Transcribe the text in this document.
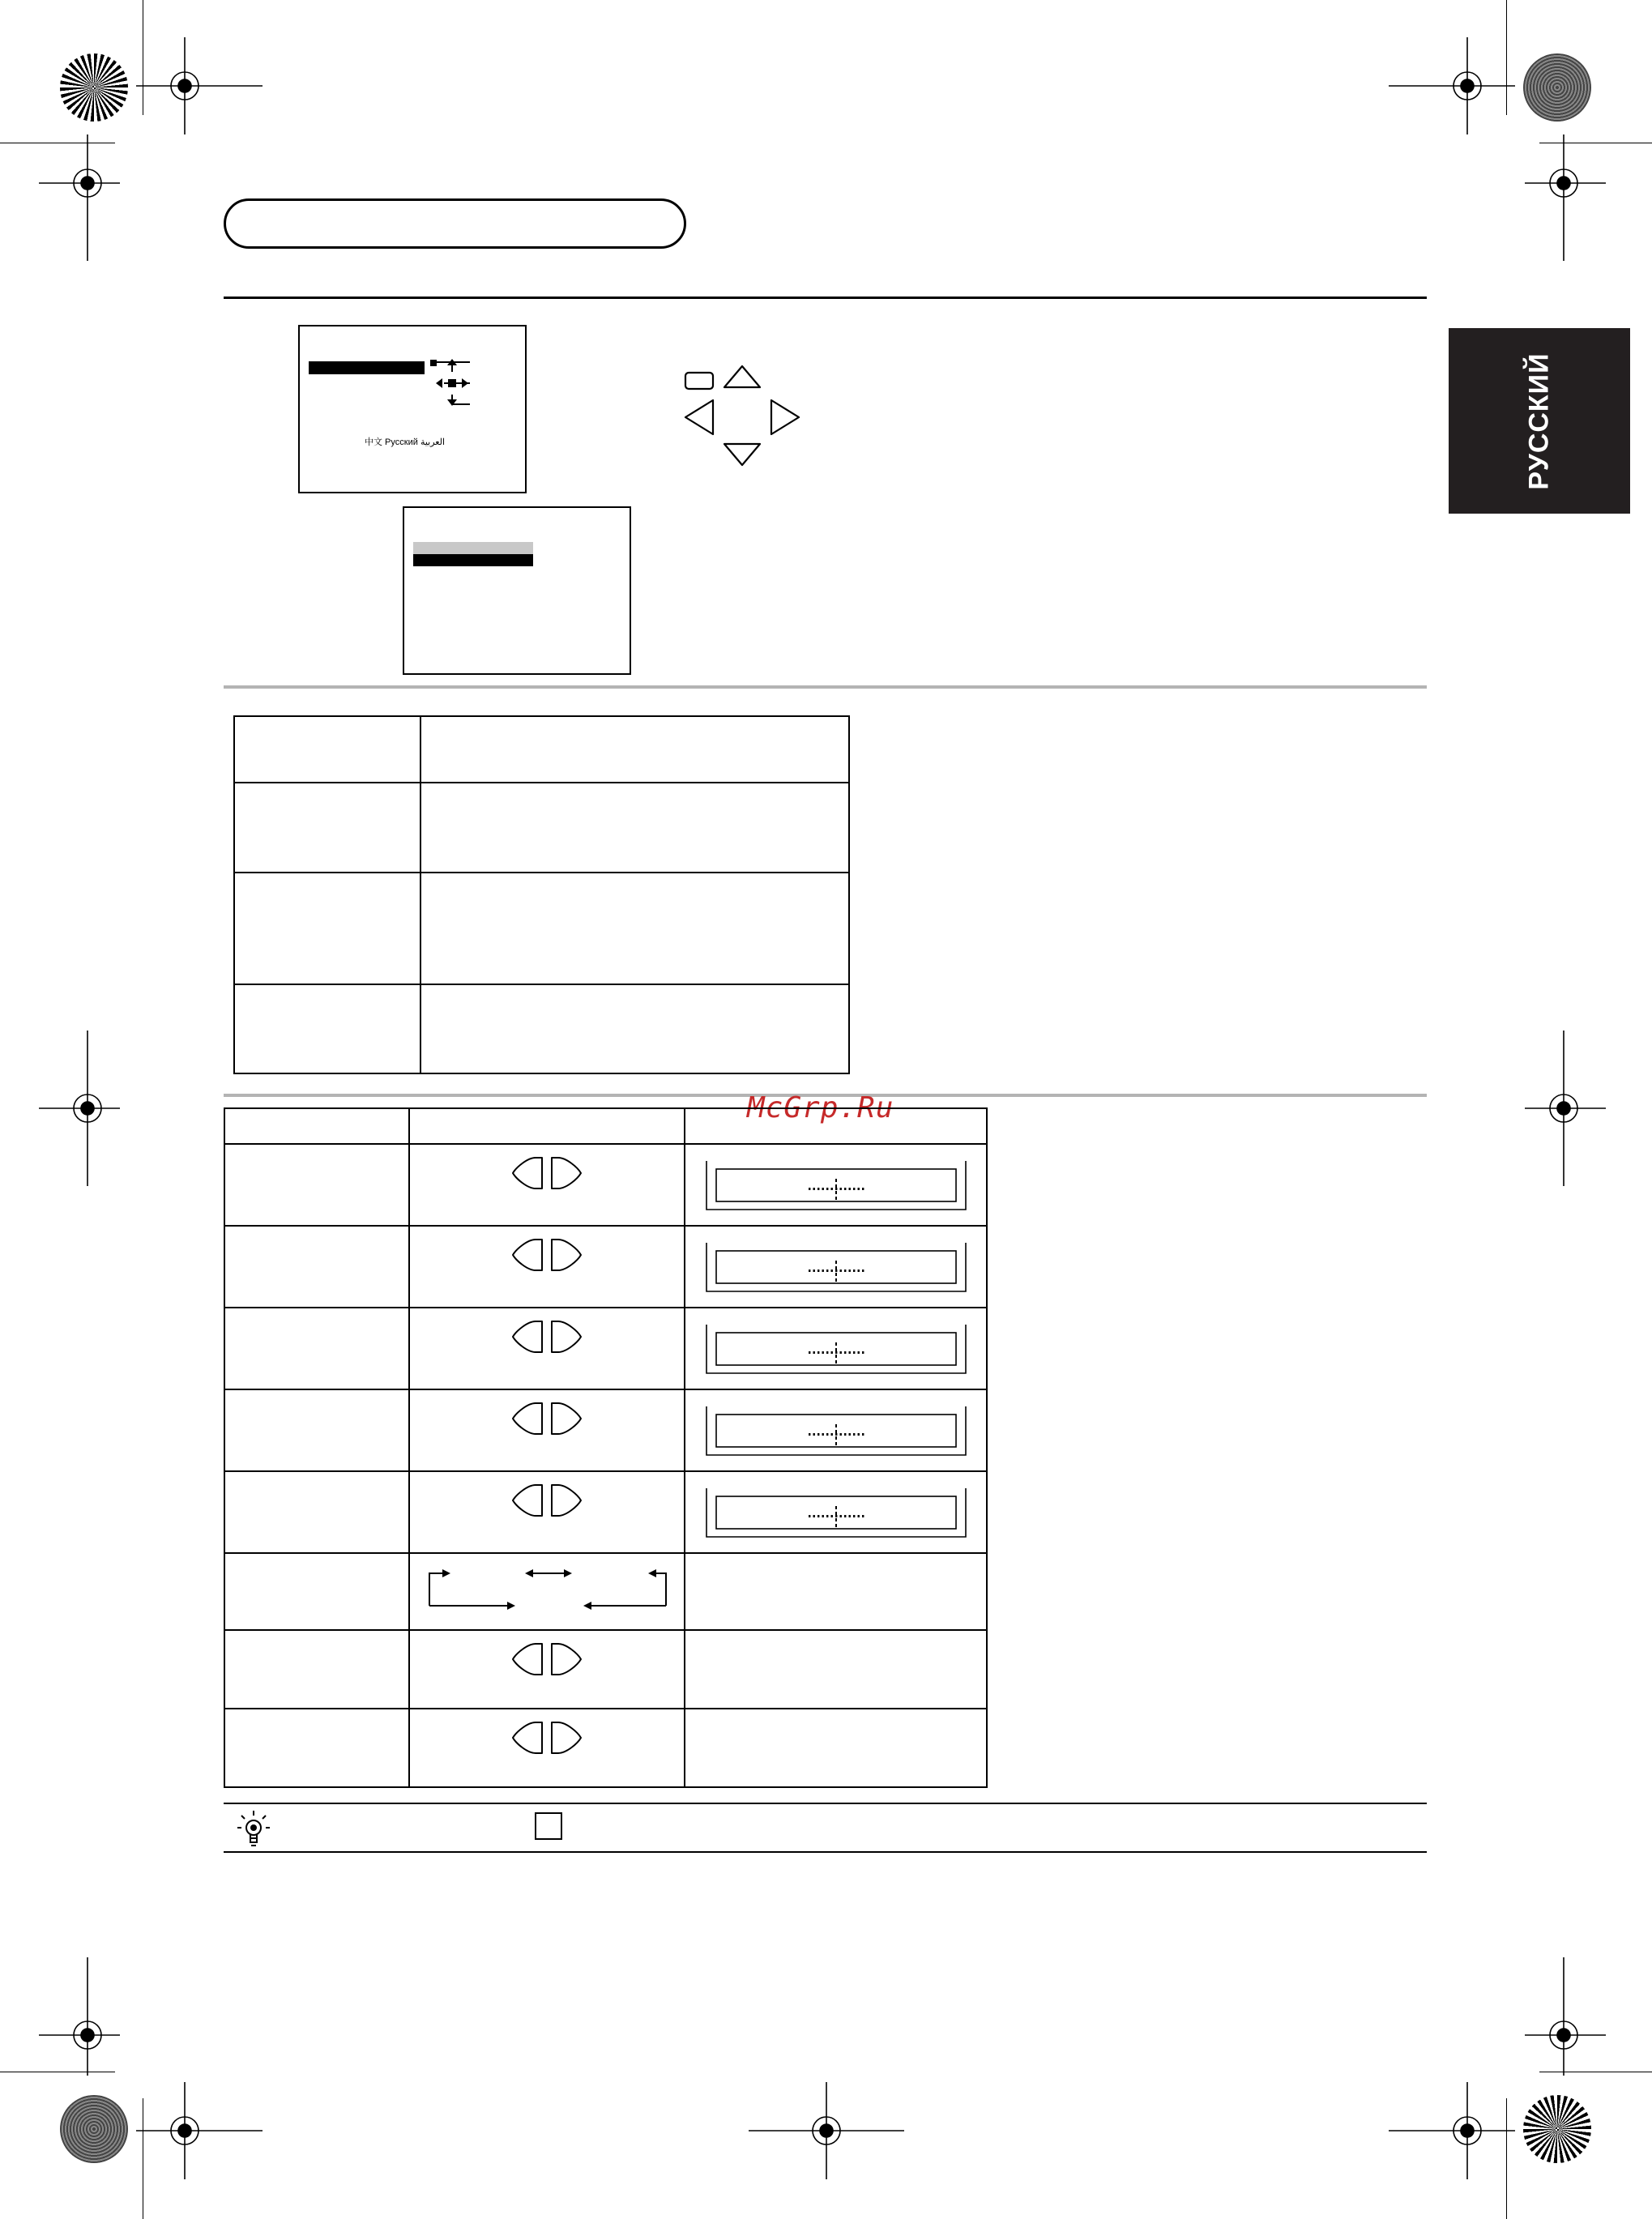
РУССКИЙ
中文 Русский العربية

McGrp.Ru
